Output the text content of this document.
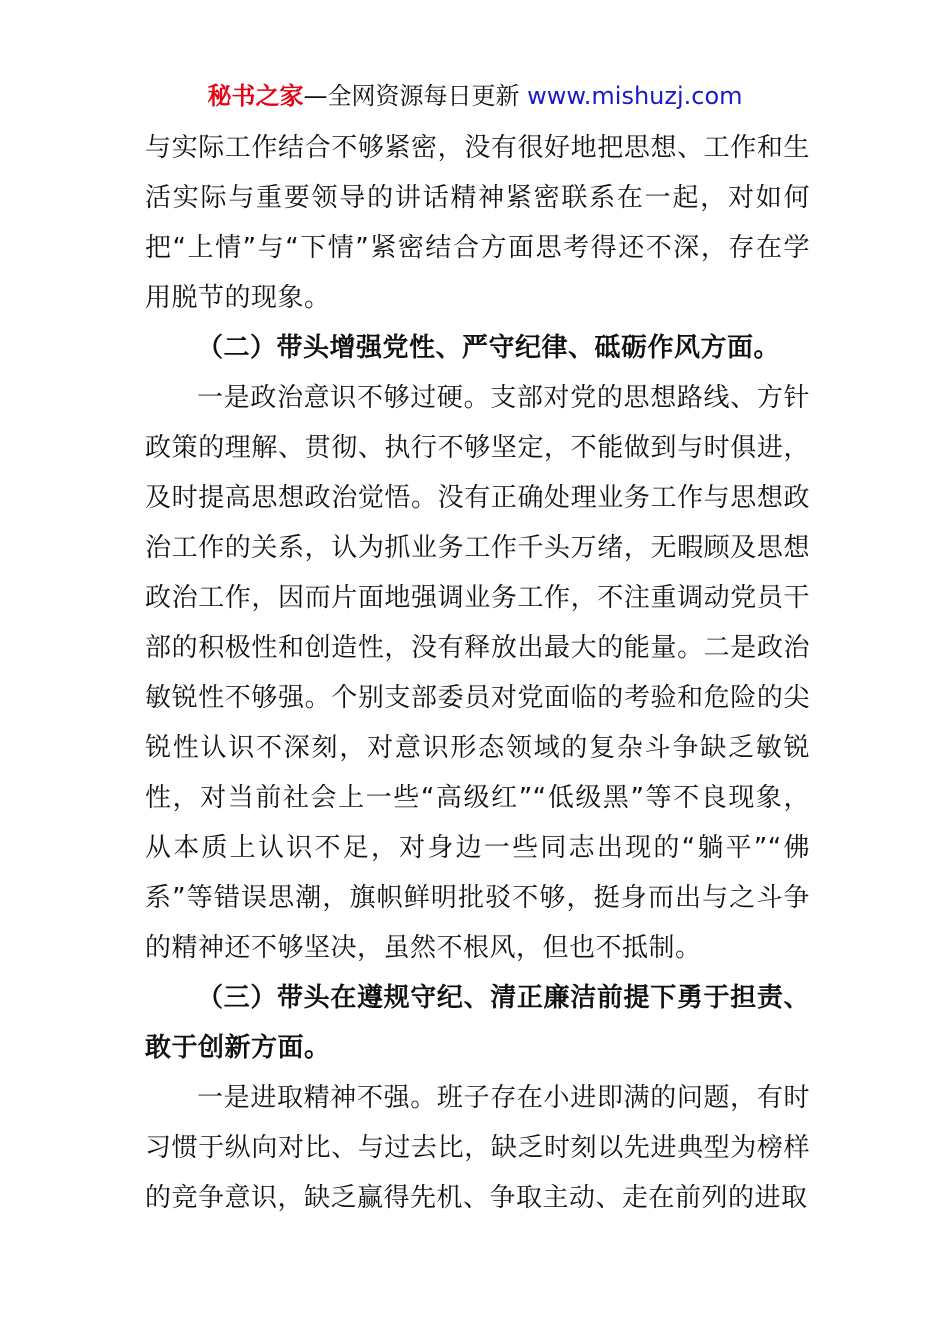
秘书之家—全网资源每日更新 www.mishuzj.com

与实际工作结合不够紧密，没有很好地把思想、工作和生活实际与重要领导的讲话精神紧密联系在一起，对如何把“上情”与“下情”紧密结合方面思考得还不深，存在学用脱节的现象。

（二）带头增强党性、严守纪律、砥砺作风方面。

一是政治意识不够过硬。支部对党的思想路线、方针政策的理解、贯彻、执行不够坚定，不能做到与时俱进，及时提高思想政治觉悟。没有正确处理业务工作与思想政治工作的关系，认为抓业务工作千头万绪，无暇顾及思想政治工作，因而片面地强调业务工作，不注重调动党员干部的积极性和创造性，没有释放出最大的能量。二是政治敏锐性不够强。个别支部委员对党面临的考验和危险的尖锐性认识不深刻，对意识形态领域的复杂斗争缺乏敏锐性，对当前社会上一些“高级红”“低级黑”等不良现象，从本质上认识不足，对身边一些同志出现的“躺平”“佛系”等错误思潮，旗帜鲜明批驳不够，挺身而出与之斗争的精神还不够坚决，虽然不根风，但也不抵制。

（三）带头在遵规守纪、清正廉洁前提下勇于担责、敢于创新方面。

一是进取精神不强。班子存在小进即满的问题，有时习惯于纵向对比、与过去比，缺乏时刻以先进典型为榜样的竞争意识，缺乏赢得先机、争取主动、走在前列的进取
